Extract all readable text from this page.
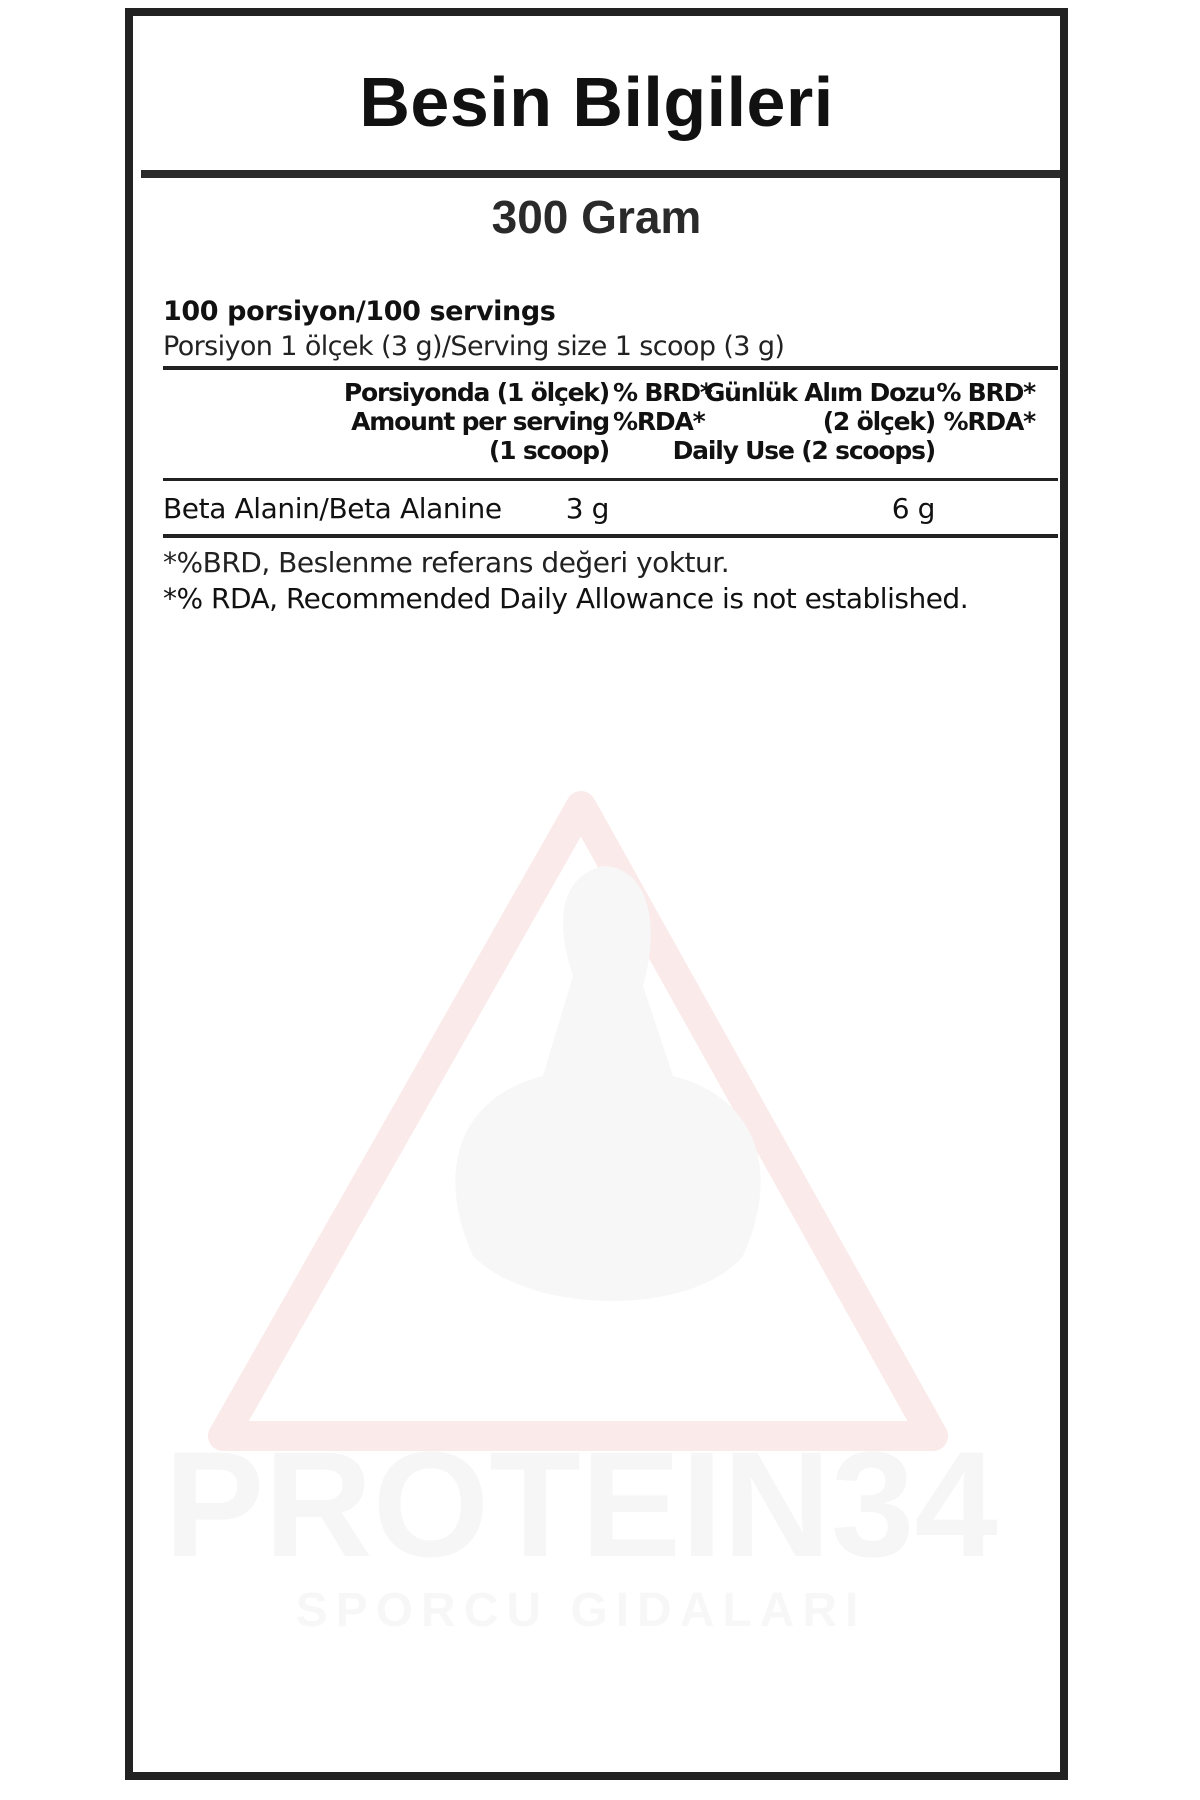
PROTEIN34
SPORCU GIDALARI
Besin Bilgileri
300 Gram
100 porsiyon/100 servings
Porsiyon 1 ölçek (3 g)/Serving size 1 scoop (3 g)
Porsiyonda (1 ölçek)
Amount per serving
(1 scoop)
% BRD*
%RDA*
Günlük Alım Dozu
(2 ölçek)
Daily Use (2 scoops)
% BRD*
%RDA*
Beta Alanin/Beta Alanine 3 g	6 g
*%BRD, Beslenme referans değeri yoktur.
*% RDA, Recommended Daily Allowance is not established.
